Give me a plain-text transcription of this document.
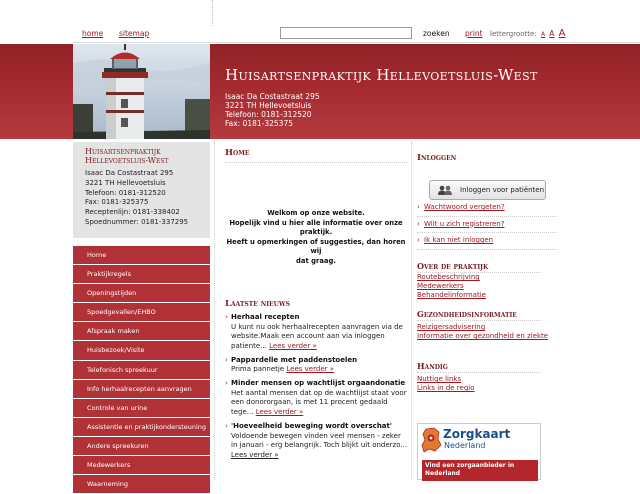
home sitemap	zoeken print lettergrootte: A A A
Huisartsenpraktijk Hellevoetsluis-West
Isaac Da Costastraat 295
3221 TH Hellevoetsluis
Telefoon: 0181-312520
Fax: 0181-325375
Huisartsenpraktijk
Hellevoetsluis-West
Isaac Da Costastraat 295
3221 TH Hellevoetsluis
Telefoon: 0181-312520
Fax: 0181-325375
Receptenlijn: 0181-338402
Spoednummer: 0181-337295
Home
Praktijkregels
Openingstijden
Spoedgevallen/EHBO
Afspraak maken
Huisbezoek/Visite
Telefonisch spreekuur
Info herhaalrecepten aanvragen
Controle van urine
Assistentie en praktijkondersteuning
Andere spreekuren
Medewerkers
Waarneming
Home
Welkom op onze website.
Hopelijk vind u hier alle informatie over onze
praktijk.
Heeft u opmerkingen of suggesties, dan horen wij
dat graag.
Laatste nieuws
› Herhaal recepten
U kunt nu ook herhaalrecepten aanvragen via de
website.Maak een account aan via inloggen
patiente... Lees verder »
› Pappardelle met paddenstoelen
Prima pannetje Lees verder »
› Minder mensen op wachtlijst orgaandonatie
Het aantal mensen dat op de wachtlijst staat voor
een donororgaan, is met 11 procent gedaald
tege... Lees verder »
› 'Hoeveelheid beweging wordt overschat'
Voldoende bewegen vinden veel mensen - zeker
in januari - erg belangrijk. Toch blijkt uit onderzo...
Lees verder »
Inloggen
Inloggen voor patiënten
› Wachtwoord vergeten?
› Wilt u zich registreren?
› Ik kan niet inloggen
Over de praktijk
Routebeschrijving
Medewerkers
Behandelinformatie
Gezondheidsinformatie
Reizigersadvisering
Informatie over gezondheid en ziekte
Handig
Nuttige links
Links in de regio
Zorgkaart
Nederland
Vind een zorgaanbieder in Nederland
